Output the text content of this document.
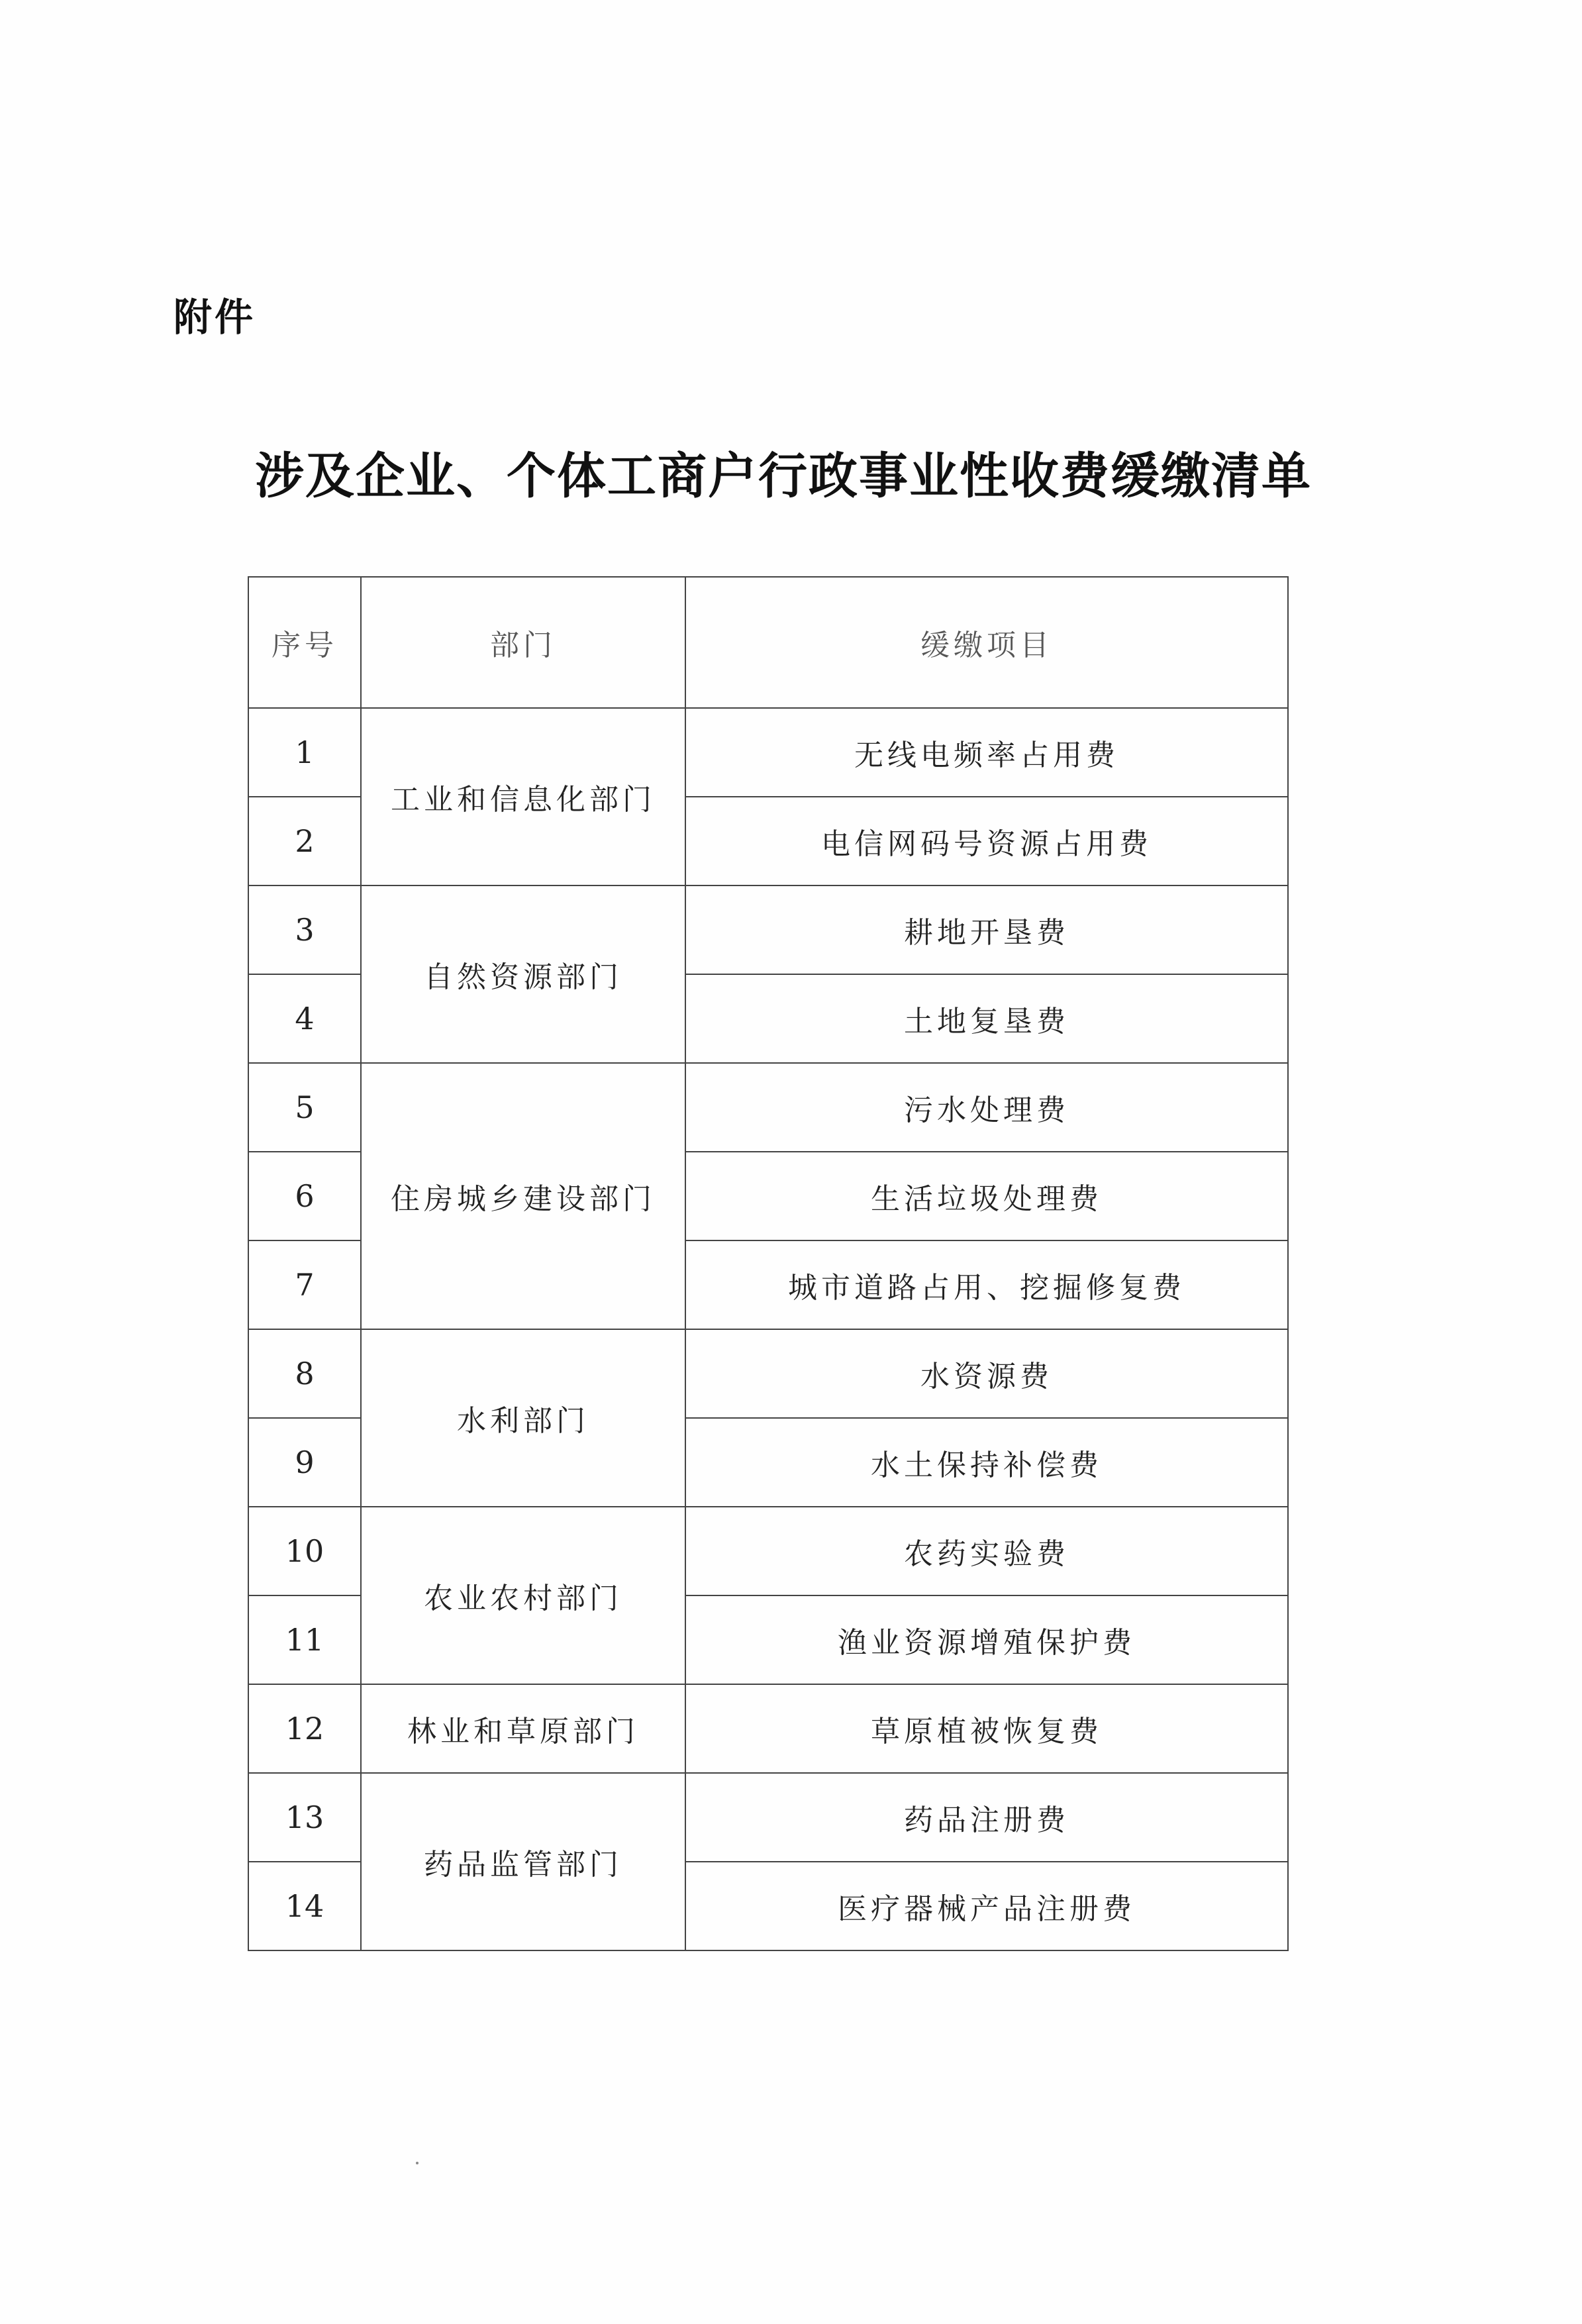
附件
涉及企业、个体工商户行政事业性收费缓缴清单
序号	部门	缓缴项目
1	工业和信息化部门	无线电频率占用费
2		电信网码号资源占用费
3	自然资源部门	耕地开垦费
4		土地复垦费
5	住房城乡建设部门	污水处理费
6		生活垃圾处理费
7		城市道路占用、挖掘修复费
8	水利部门	水资源费
9		水土保持补偿费
10	农业农村部门	农药实验费
11		渔业资源增殖保护费
12	林业和草原部门	草原植被恢复费
13	药品监管部门	药品注册费
14		医疗器械产品注册费
